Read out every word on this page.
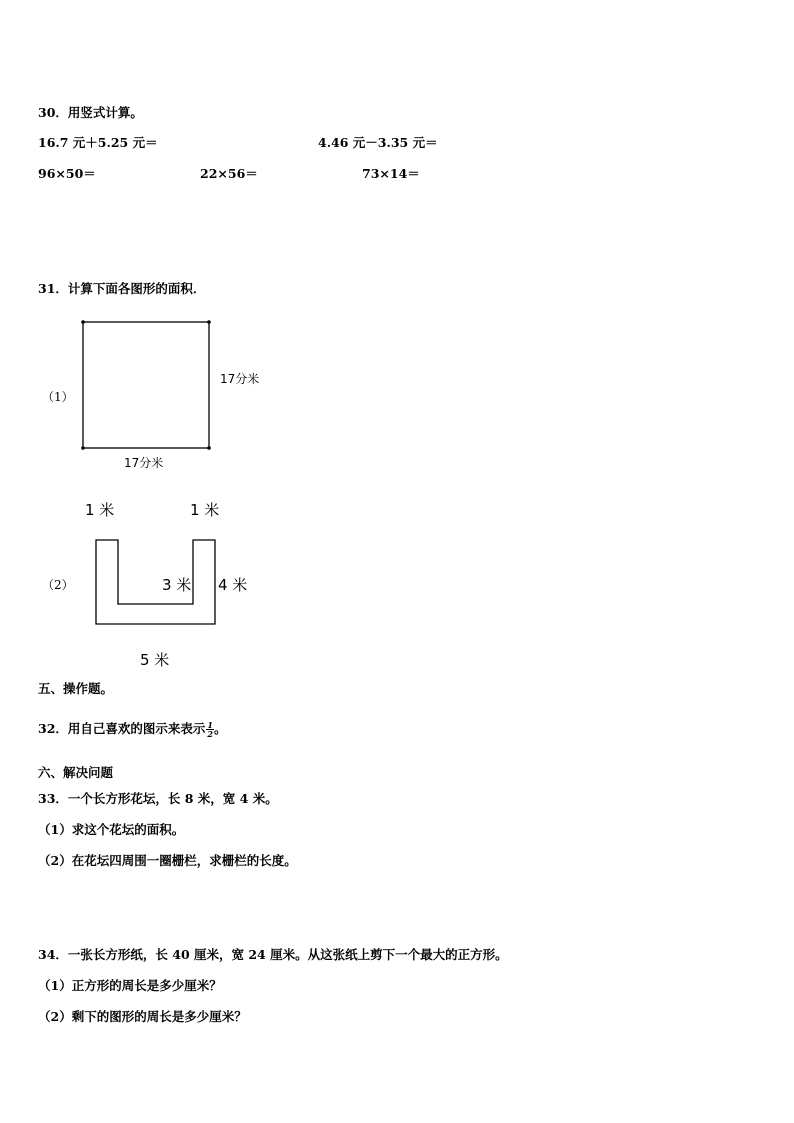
30．用竖式计算。
16.7 元＋5.25 元＝	4.46 元－3.35 元＝
96×50＝	22×56＝	73×14＝
31．计算下面各图形的面积．
（1）
17分米
17分米
1 米	1 米
（2）	3 米 4 米
5 米
五、操作题。
32．用自己喜欢的图示来表示 $\frac{1}{2}$ 。
六、解决问题
33．一个长方形花坛，长 8 米，宽 4 米。
（1）求这个花坛的面积。
（2）在花坛四周围一圈栅栏，求栅栏的长度。
34．一张长方形纸，长 40 厘米，宽 24 厘米。从这张纸上剪下一个最大的正方形。
（1）正方形的周长是多少厘米？
（2）剩下的图形的周长是多少厘米？
